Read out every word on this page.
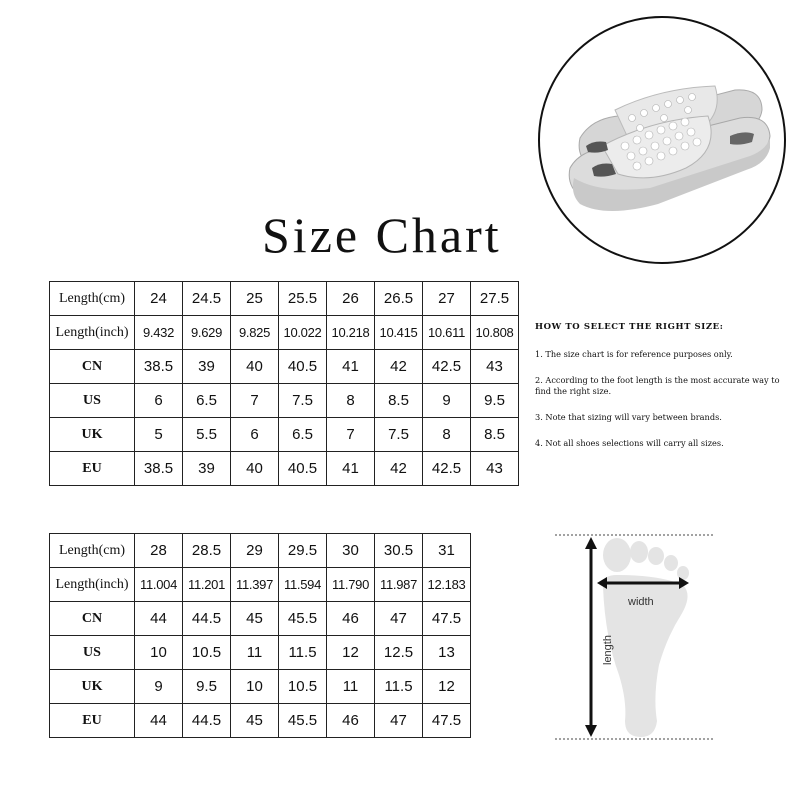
Size Chart
Length(cm)	24	24.5	25	25.5	26	26.5	27	27.5
Length(inch)	9.432	9.629	9.825	10.022	10.218	10.415	10.611	10.808
CN	38.5	39	40	40.5	41	42	42.5	43
US	6	6.5	7	7.5	8	8.5	9	9.5
UK	5	5.5	6	6.5	7	7.5	8	8.5
EU	38.5	39	40	40.5	41	42	42.5	43
HOW TO SELECT THE RIGHT SIZE:
1. The size chart is for reference purposes only.
2. According to the foot length is the most accurate way to find the right size.
3. Note that sizing will vary between brands.
4. Not all shoes selections will carry all sizes.
Length(cm)	28	28.5	29	29.5	30	30.5	31
Length(inch)	11.004	11.201	11.397	11.594	11.790	11.987	12.183
CN	44	44.5	45	45.5	46	47	47.5
US	10	10.5	11	11.5	12	12.5	13
UK	9	9.5	10	10.5	11	11.5	12
EU	44	44.5	45	45.5	46	47	47.5
width
length
